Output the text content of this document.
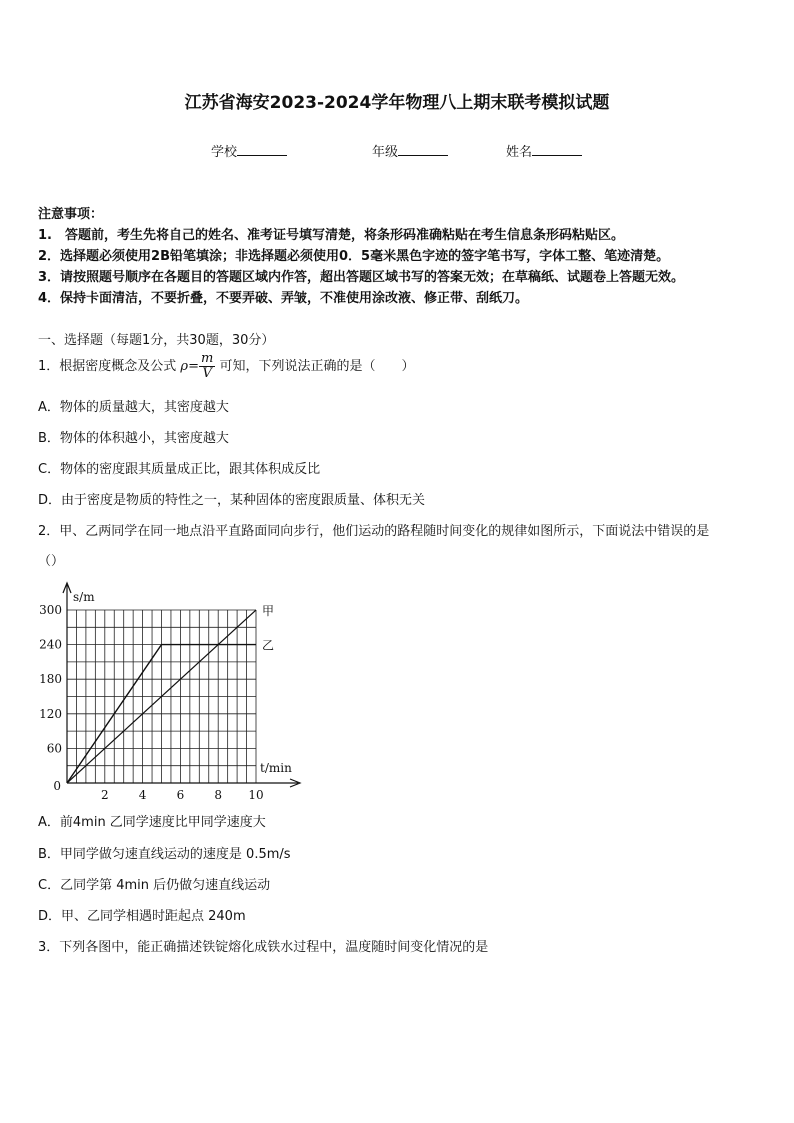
江苏省海安2023-2024学年物理八上期末联考模拟试题
学校	年级	姓名
注意事项：
1.　答题前，考生先将自己的姓名、准考证号填写清楚，将条形码准确粘贴在考生信息条形码粘贴区。
2．选择题必须使用2B铅笔填涂；非选择题必须使用0．5毫米黑色字迹的签字笔书写，字体工整、笔迹清楚。
3．请按照题号顺序在各题目的答题区域内作答，超出答题区域书写的答案无效；在草稿纸、试题卷上答题无效。
4．保持卡面清洁，不要折叠，不要弄破、弄皱，不准使用涂改液、修正带、刮纸刀。
一、选择题（每题1分，共30题，30分）
1．根据密度概念及公式 $\rho= \frac{m}{V}$ 可知，下列说法正确的是（　　）
A．物体的质量越大，其密度越大
B．物体的体积越小，其密度越大
C．物体的密度跟其质量成正比，跟其体积成反比
D．由于密度是物质的特性之一，某种固体的密度跟质量、体积无关
2．甲、乙两同学在同一地点沿平直路面同向步行，他们运动的路程随时间变化的规律如图所示，下面说法中错误的是
（）
甲
乙
60
120
180
240
300
2	4	6	8 10
0
s/m
t/min
A．前4min 乙同学速度比甲同学速度大
B．甲同学做匀速直线运动的速度是 0.5m/s
C．乙同学第 4min 后仍做匀速直线运动
D．甲、乙同学相遇时距起点 240m
3．下列各图中，能正确描述铁锭熔化成铁水过程中，温度随时间变化情况的是
